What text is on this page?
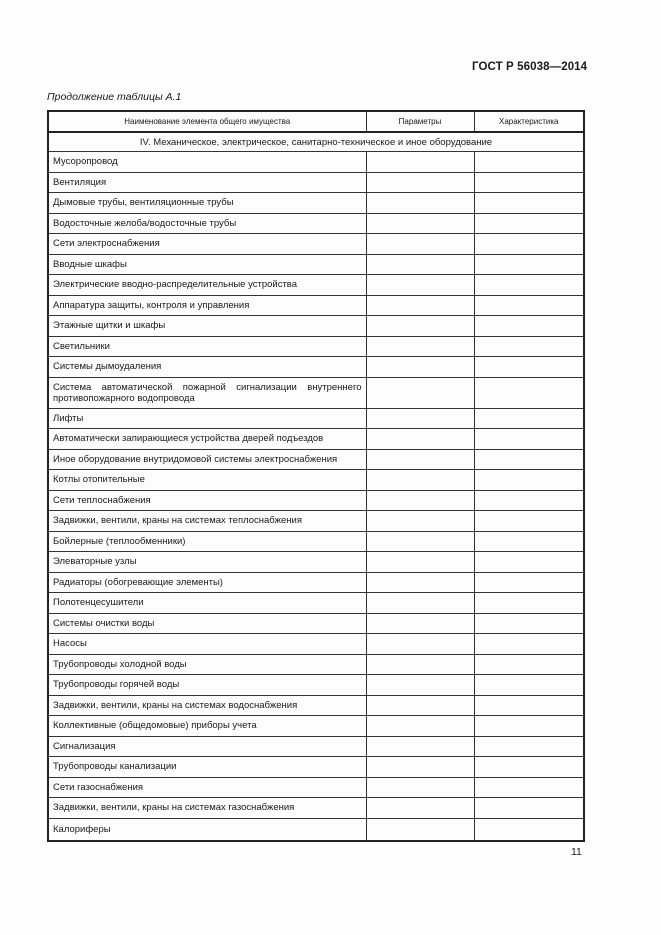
ГОСТ Р 56038—2014
Продолжение таблицы А.1
Наименование элемента общего имущества	Параметры	Характеристика
IV. Механическое, электрическое, санитарно-техническое и иное оборудование		
Мусоропровод		
Вентиляция		
Дымовые трубы, вентиляционные трубы		
Водосточные желоба/водосточные трубы		
Сети электроснабжения		
Вводные шкафы		
Электрические вводно-распределительные устройства		
Аппаратура защиты, контроля и управления		
Этажные щитки и шкафы		
Светильники		
Системы дымоудаления		
Система автоматической пожарной сигнализации внутреннего противопожарного водопровода		
Лифты		
Автоматически запирающиеся устройства дверей подъездов		
Иное оборудование внутридомовой системы электроснабжения		
Котлы отопительные		
Сети теплоснабжения		
Задвижки, вентили, краны на системах теплоснабжения		
Бойлерные (теплообменники)		
Элеваторные узлы		
Радиаторы (обогревающие элементы)		
Полотенцесушители		
Системы очистки воды		
Насосы		
Трубопроводы холодной воды		
Трубопроводы горячей воды		
Задвижки, вентили, краны на системах водоснабжения		
Коллективные (общедомовые) приборы учета		
Сигнализация		
Трубопроводы канализации		
Сети газоснабжения		
Задвижки, вентили, краны на системах газоснабжения		
Калориферы		
11
